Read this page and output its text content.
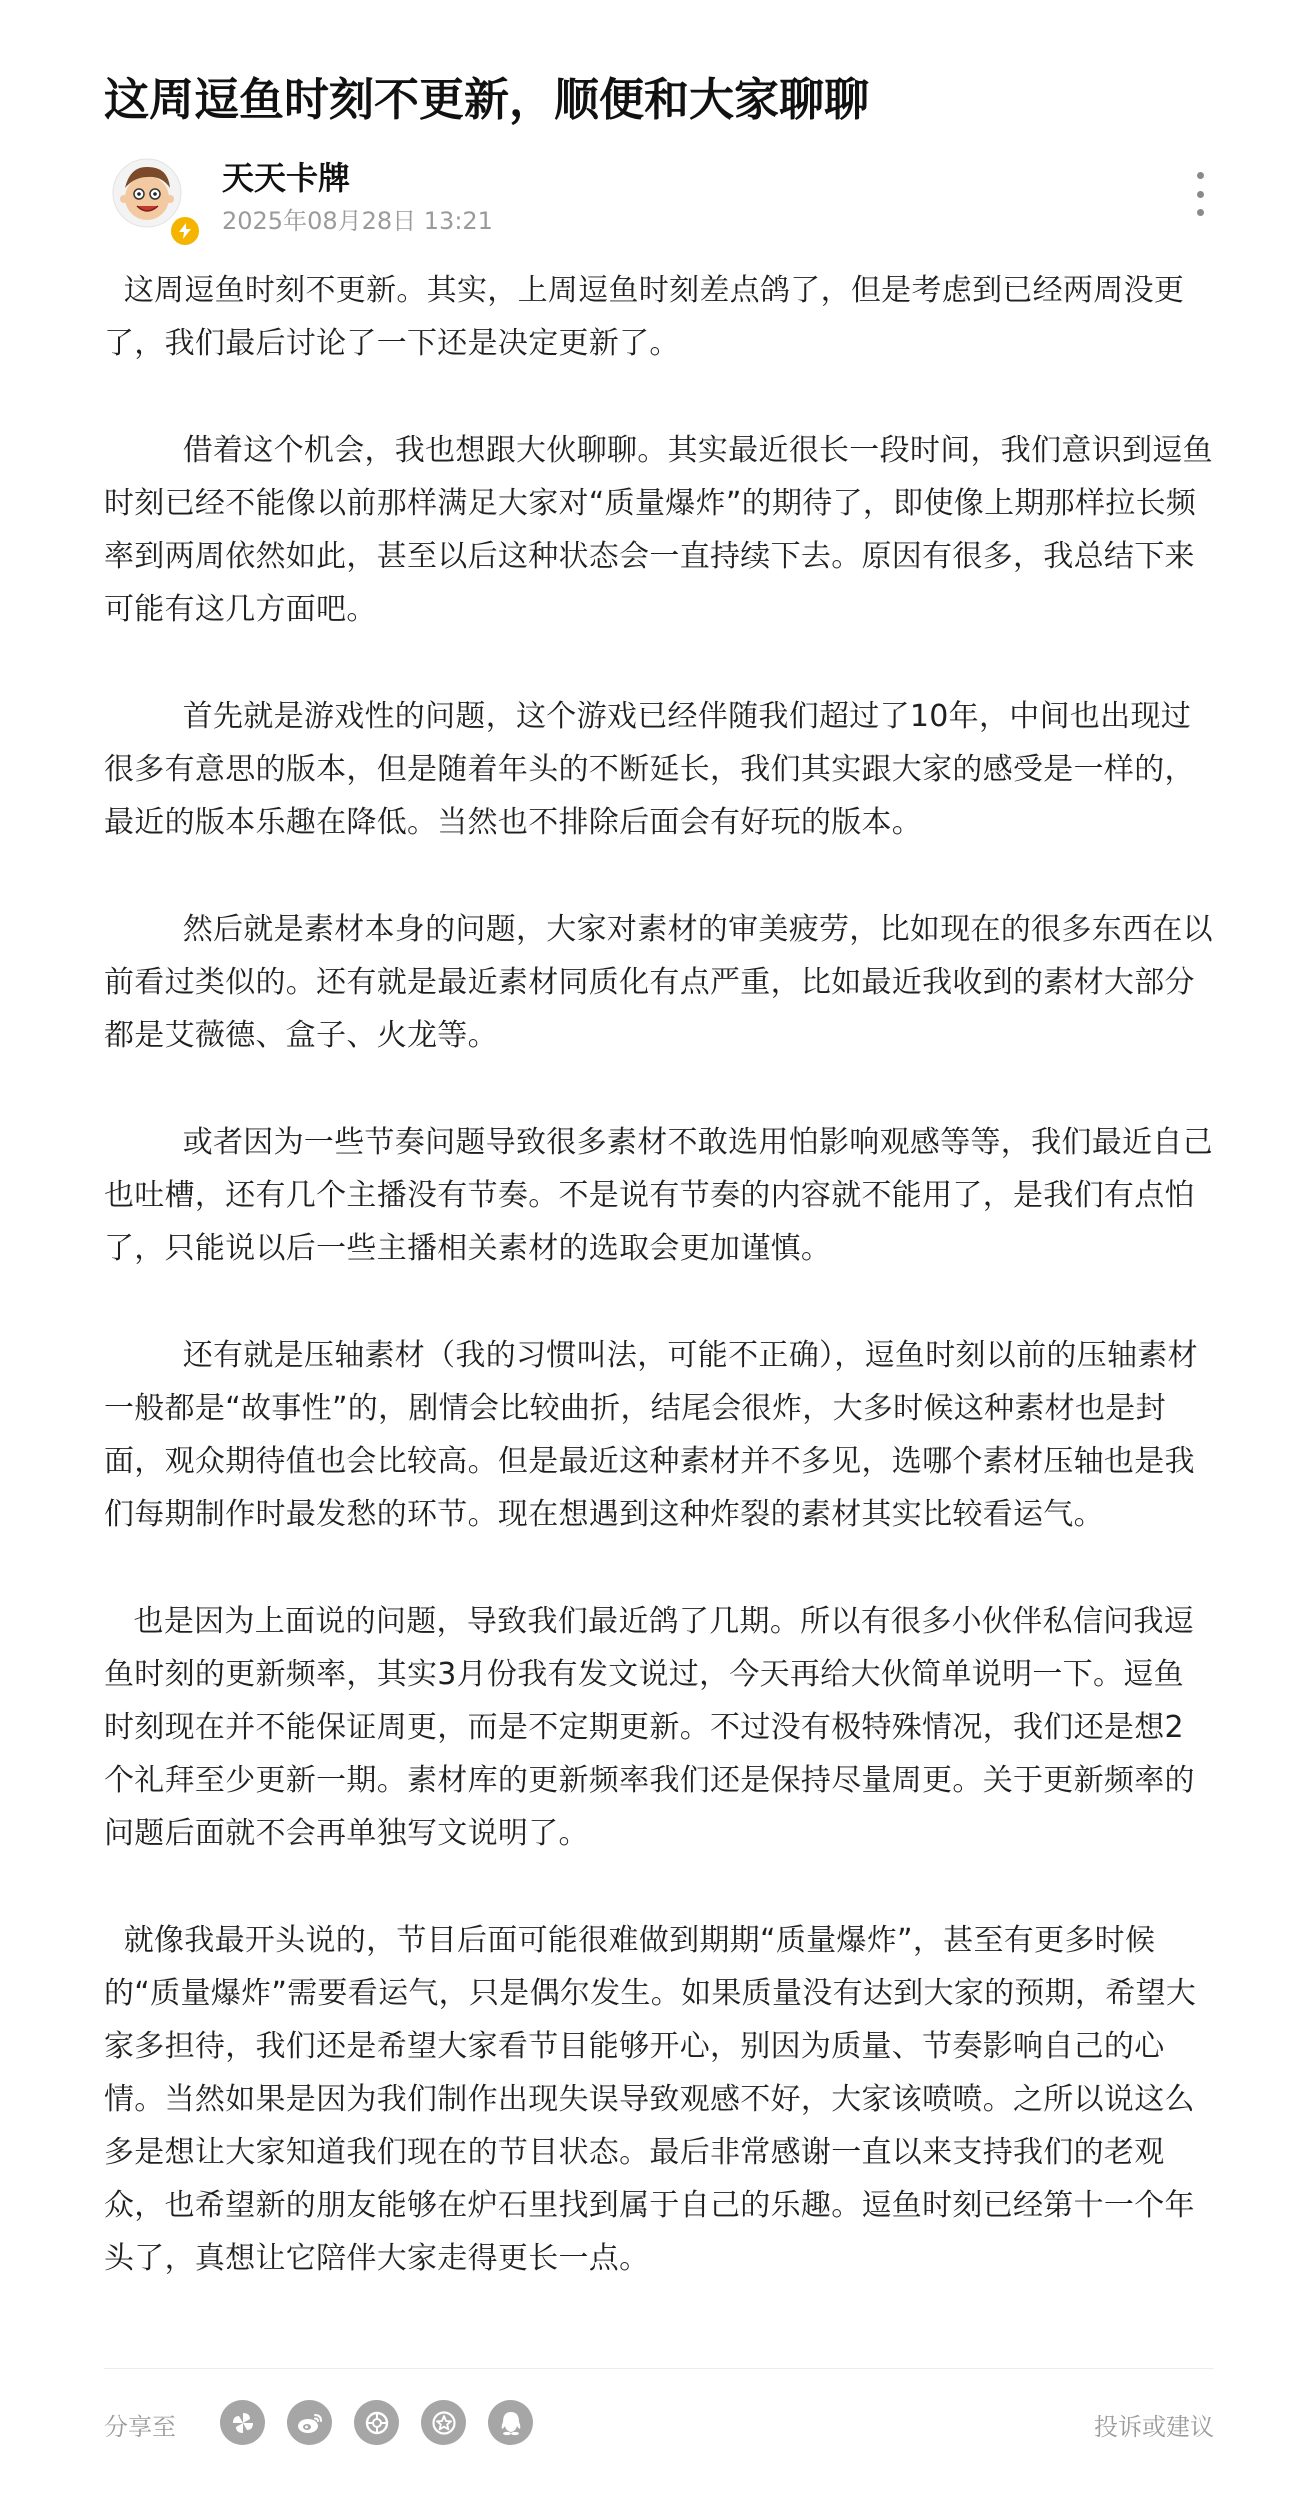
这周逗鱼时刻不更新，顺便和大家聊聊
天天卡牌
2025年08月28日 13:21

这周逗鱼时刻不更新。其实，上周逗鱼时刻差点鸽了，但是考虑到已经两周没更了，我们最后讨论了一下还是决定更新了。

借着这个机会，我也想跟大伙聊聊。其实最近很长一段时间，我们意识到逗鱼时刻已经不能像以前那样满足大家对“质量爆炸”的期待了，即使像上期那样拉长频率到两周依然如此，甚至以后这种状态会一直持续下去。原因有很多，我总结下来可能有这几方面吧。

首先就是游戏性的问题，这个游戏已经伴随我们超过了10年，中间也出现过很多有意思的版本，但是随着年头的不断延长，我们其实跟大家的感受是一样的，最近的版本乐趣在降低。当然也不排除后面会有好玩的版本。

然后就是素材本身的问题，大家对素材的审美疲劳，比如现在的很多东西在以前看过类似的。还有就是最近素材同质化有点严重，比如最近我收到的素材大部分都是艾薇德、盒子、火龙等。

或者因为一些节奏问题导致很多素材不敢选用怕影响观感等等，我们最近自己也吐槽，还有几个主播没有节奏。不是说有节奏的内容就不能用了，是我们有点怕了，只能说以后一些主播相关素材的选取会更加谨慎。

还有就是压轴素材（我的习惯叫法，可能不正确），逗鱼时刻以前的压轴素材一般都是“故事性”的，剧情会比较曲折，结尾会很炸，大多时候这种素材也是封面，观众期待值也会比较高。但是最近这种素材并不多见，选哪个素材压轴也是我们每期制作时最发愁的环节。现在想遇到这种炸裂的素材其实比较看运气。

也是因为上面说的问题，导致我们最近鸽了几期。所以有很多小伙伴私信问我逗鱼时刻的更新频率，其实3月份我有发文说过，今天再给大伙简单说明一下。逗鱼时刻现在并不能保证周更，而是不定期更新。不过没有极特殊情况，我们还是想2个礼拜至少更新一期。素材库的更新频率我们还是保持尽量周更。关于更新频率的问题后面就不会再单独写文说明了。

就像我最开头说的，节目后面可能很难做到期期“质量爆炸”，甚至有更多时候的“质量爆炸”需要看运气，只是偶尔发生。如果质量没有达到大家的预期，希望大家多担待，我们还是希望大家看节目能够开心，别因为质量、节奏影响自己的心情。当然如果是因为我们制作出现失误导致观感不好，大家该喷喷。之所以说这么多是想让大家知道我们现在的节目状态。最后非常感谢一直以来支持我们的老观众，也希望新的朋友能够在炉石里找到属于自己的乐趣。逗鱼时刻已经第十一个年头了，真想让它陪伴大家走得更长一点。

分享至	投诉或建议
